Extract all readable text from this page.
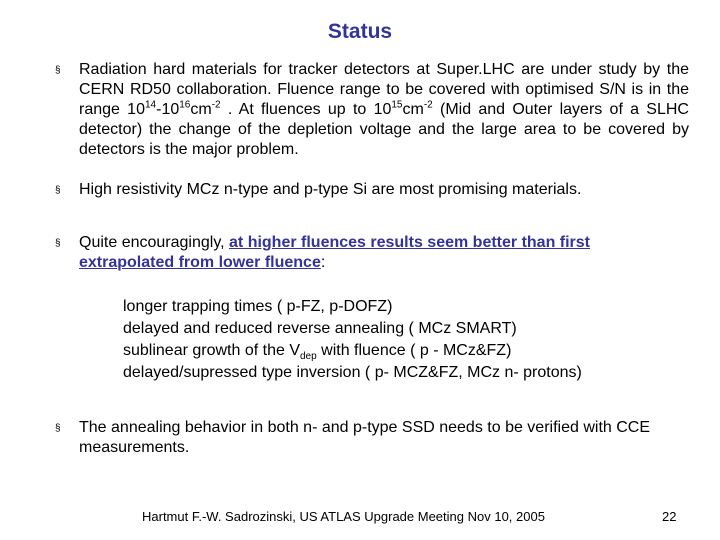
Status
§ Radiation hard materials for tracker detectors at Super.LHC are under study by the CERN RD50 collaboration. Fluence range to be covered with optimised S/N is in the range $10^{14}-10^{16}cm^{-2}$ . At fluences up to $10^{15}cm^{-2}$ (Mid and Outer layers of a SLHC detector) the change of the depletion voltage and the large area to be covered by detectors is the major problem.
§ High resistivity MCz n-type and p-type Si are most promising materials.
§ Quite encouragingly, at higher fluences results seem better than first extrapolated from lower fluence:
longer trapping times ( p-FZ, p-DOFZ)
delayed and reduced reverse annealing ( MCz SMART)
sublinear growth of the $V_{dep}$ with fluence ( p - MCz&FZ)
delayed/supressed type inversion ( p- MCZ&FZ, MCz n- protons)
§ The annealing behavior in both n- and p-type SSD needs to be verified with CCE measurements.
Hartmut F.-W. Sadrozinski, US ATLAS Upgrade Meeting Nov 10, 2005	22
